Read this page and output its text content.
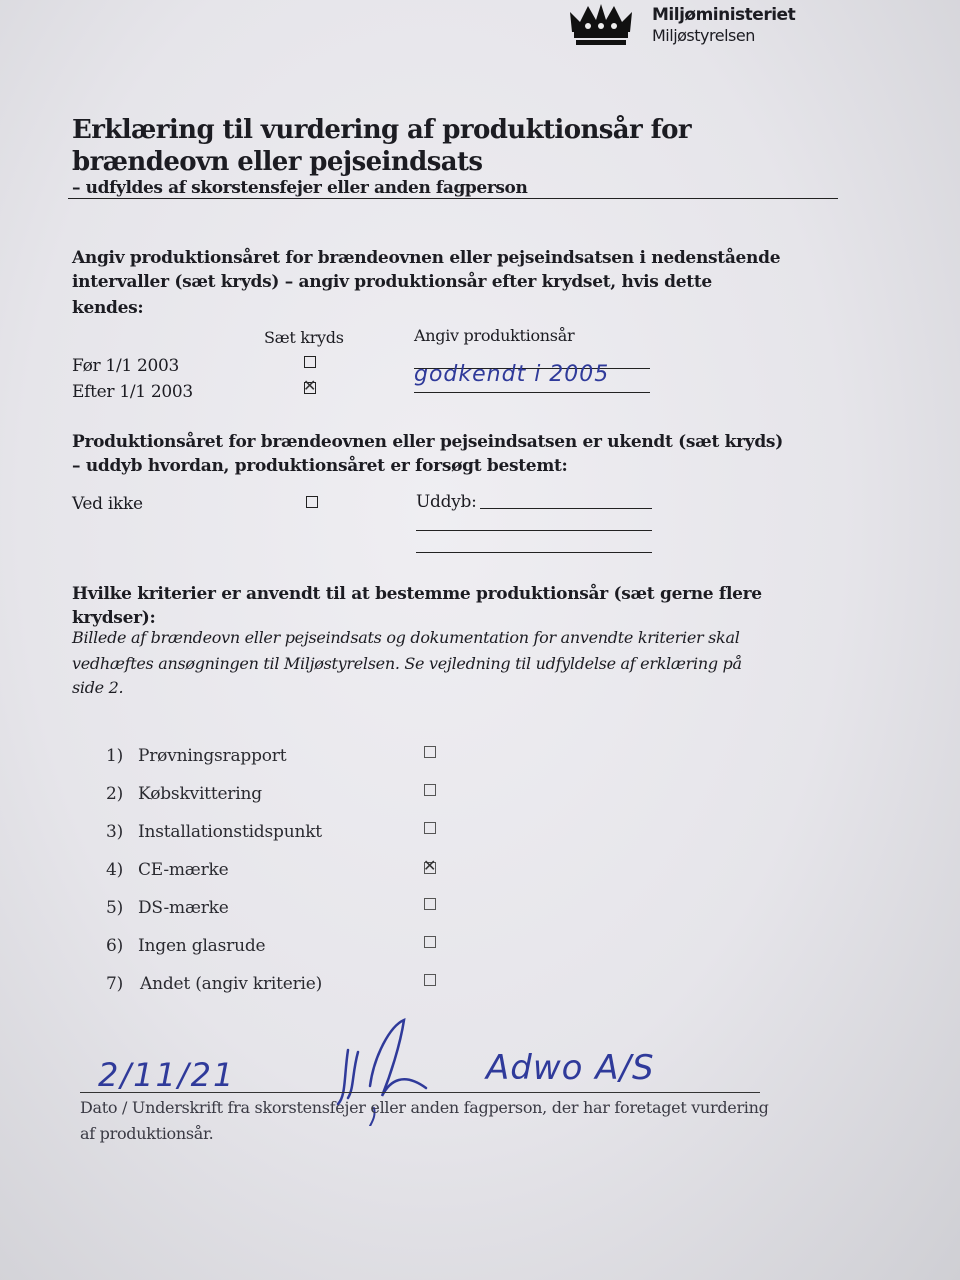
Miljøministeriet
Miljøstyrelsen
Erklæring til vurdering af produktionsår for brændeovn eller pejseindsats
– udfyldes af skorstensfejer eller anden fagperson
Angiv produktionsåret for brændeovnen eller pejseindsatsen i nedenstående
intervaller (sæt kryds) – angiv produktionsår efter krydset, hvis dette
kendes:
Sæt kryds	Angiv produktionsår
Før 1/1 2003
Efter 1/1 2003	✕	godkendt i 2005
Produktionsåret for brændeovnen eller pejseindsatsen er ukendt (sæt kryds)
– uddyb hvordan, produktionsåret er forsøgt bestemt:
Ved ikke	Uddyb:
Hvilke kriterier er anvendt til at bestemme produktionsår (sæt gerne flere
krydser):
Billede af brændeovn eller pejseindsats og dokumentation for anvendte kriterier skal
vedhæftes ansøgningen til Miljøstyrelsen. Se vejledning til udfyldelse af erklæring på
side 2.
1) Prøvningsrapport
2) Købskvittering
3) Installationstidspunkt
4) CE-mærke	✕
5) DS-mærke
6) Ingen glasrude
7) Andet (angiv kriterie)
2/11/21	Adwo A/S
Dato / Underskrift fra skorstensfejer eller anden fagperson, der har foretaget vurdering
af produktionsår.
